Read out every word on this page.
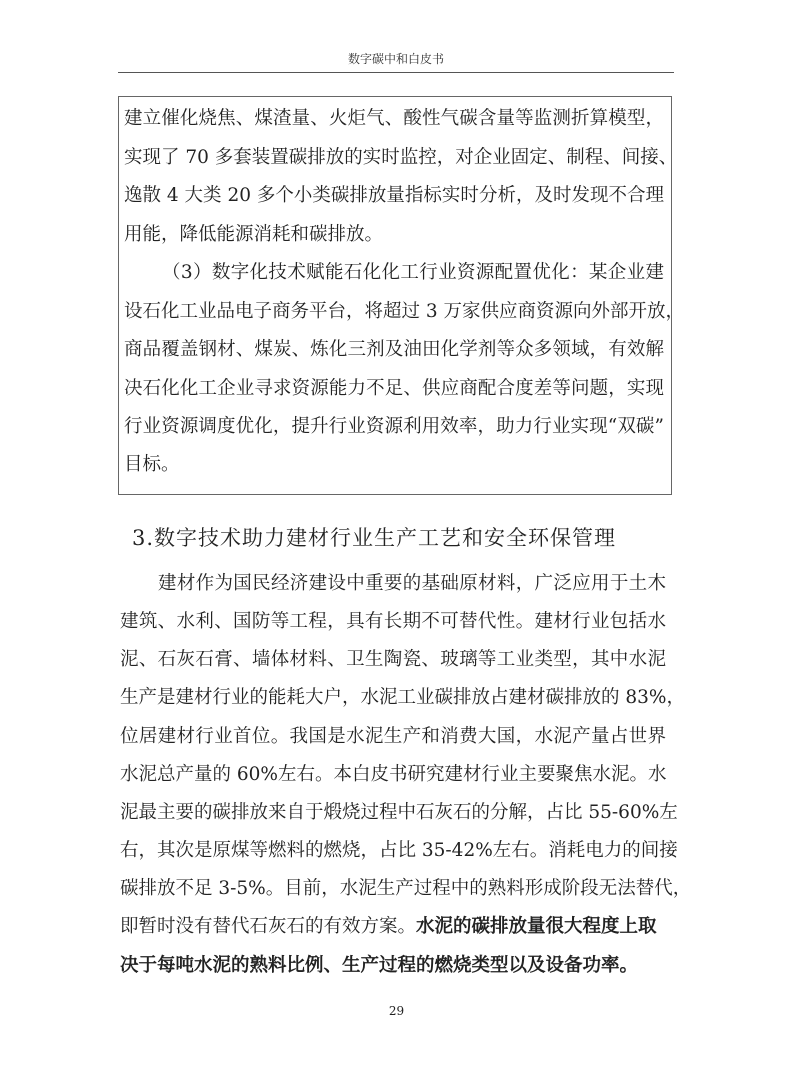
数字碳中和白皮书
建立催化烧焦、煤渣量、火炬气、酸性气碳含量等监测折算模型，
实现了 70 多套装置碳排放的实时监控，对企业固定、制程、间接、
逸散 4 大类 20 多个小类碳排放量指标实时分析，及时发现不合理
用能，降低能源消耗和碳排放。
（3）数字化技术赋能石化化工行业资源配置优化：某企业建
设石化工业品电子商务平台，将超过 3 万家供应商资源向外部开放，
商品覆盖钢材、煤炭、炼化三剂及油田化学剂等众多领域，有效解
决石化化工企业寻求资源能力不足、供应商配合度差等问题，实现
行业资源调度优化，提升行业资源利用效率，助力行业实现“双碳”
目标。
3.数字技术助力建材行业生产工艺和安全环保管理
建材作为国民经济建设中重要的基础原材料，广泛应用于土木
建筑、水利、国防等工程，具有长期不可替代性。建材行业包括水
泥、石灰石膏、墙体材料、卫生陶瓷、玻璃等工业类型，其中水泥
生产是建材行业的能耗大户，水泥工业碳排放占建材碳排放的 83%，
位居建材行业首位。我国是水泥生产和消费大国，水泥产量占世界
水泥总产量的 60%左右。本白皮书研究建材行业主要聚焦水泥。水
泥最主要的碳排放来自于煅烧过程中石灰石的分解，占比 55-60%左
右，其次是原煤等燃料的燃烧，占比 35-42%左右。消耗电力的间接
碳排放不足 3-5%。目前，水泥生产过程中的熟料形成阶段无法替代，
即暂时没有替代石灰石的有效方案。水泥的碳排放量很大程度上取
决于每吨水泥的熟料比例、生产过程的燃烧类型以及设备功率。
29
